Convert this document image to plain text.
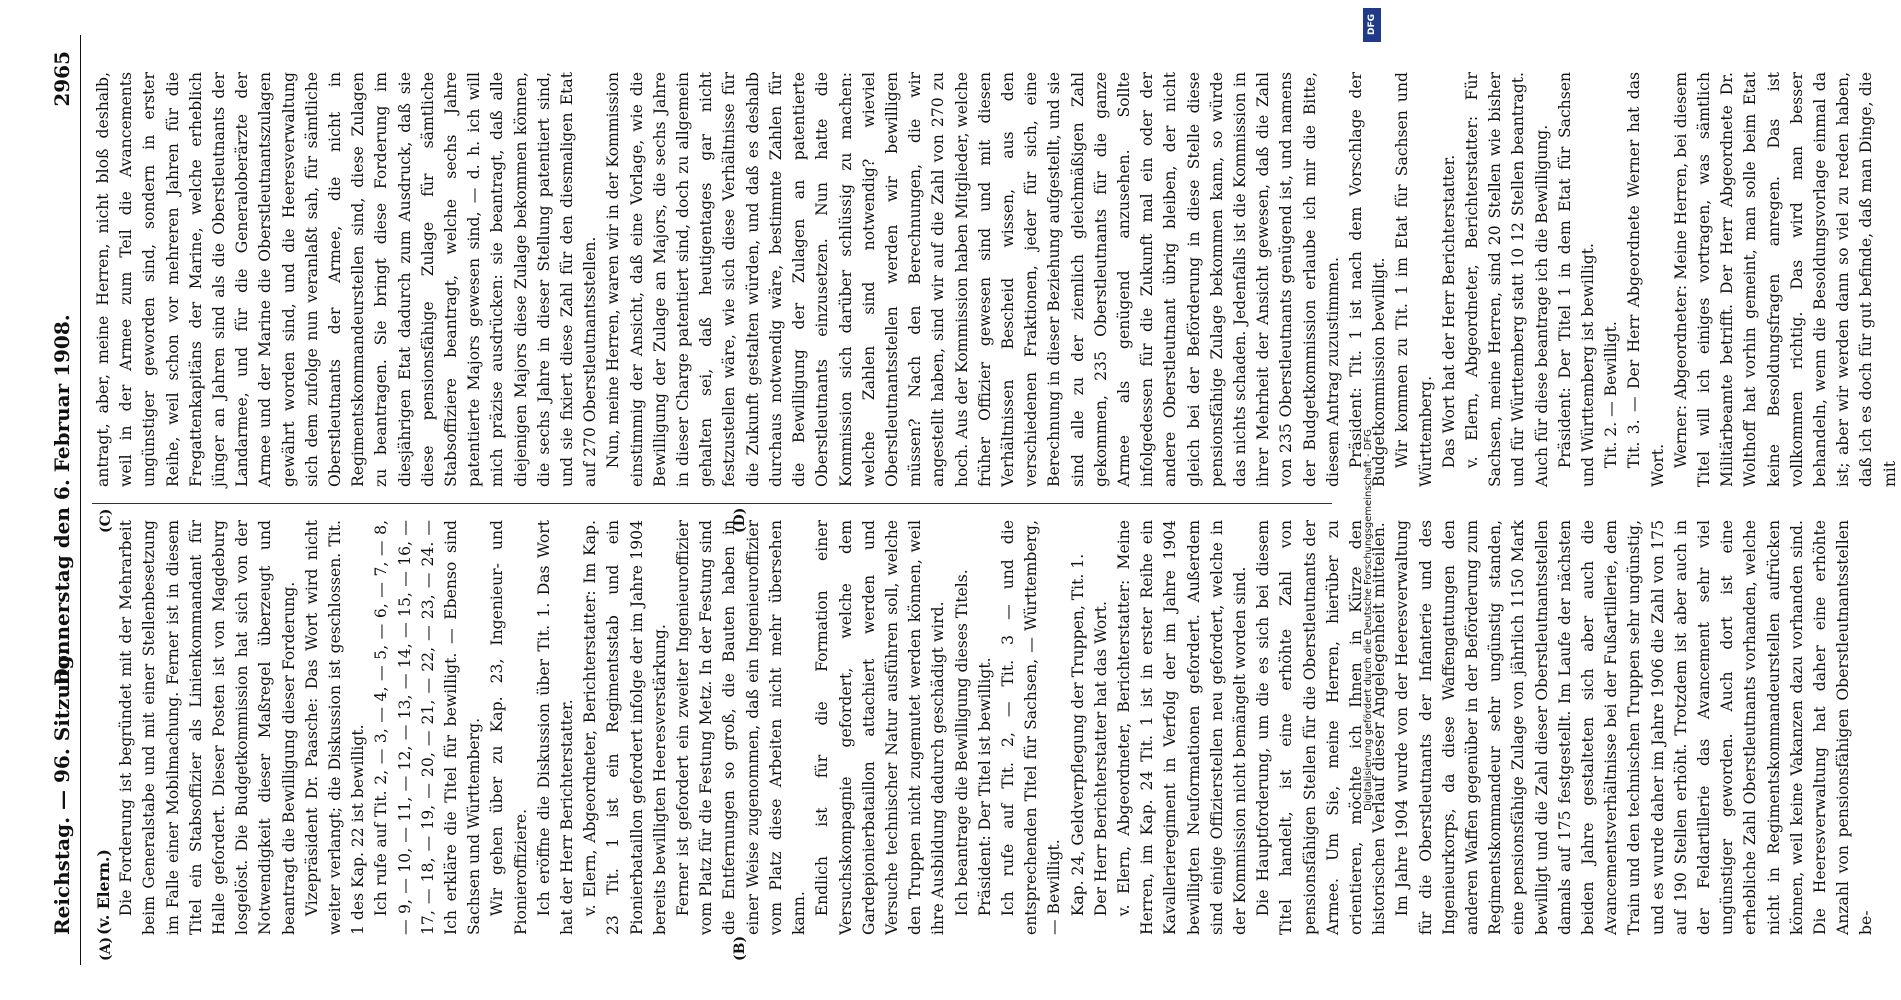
Reichstag. — 96. Sitzung.
Donnerstag den 6. Februar 1908.
2965
(A)	(B)
(C)	(D)

(v. Elern.) Die Forderung ist begründet mit der Mehrarbeit beim Generalstabe und mit einer Stellenbesetzung im Falle einer Mobilmachung. Ferner ist in diesem Titel ein Stabsoffizier als Linienkommandant für Halle gefordert. Dieser Posten ist von Magdeburg losgelöst. Die Budgetkommission hat sich von der Notwendigkeit dieser Maßregel überzeugt und beantragt die Bewilligung dieser Forderung. Vizepräsident Dr. Paasche: Das Wort wird nicht weiter verlangt; die Diskussion ist geschlossen. Tit. 1 des Kap. 22 ist bewilligt. Ich rufe auf Tit. 2, — 3, — 4, — 5, — 6, — 7, — 8, — 9, — 10, — 11, — 12, — 13, — 14, — 15, — 16, — 17, — 18, — 19, — 20, — 21, — 22, — 23, — 24. — Ich erkläre die Titel für bewilligt. — Ebenso sind Sachsen und Württemberg. Wir gehen über zu Kap. 23, Ingenieur- und Pionieroffiziere. Ich eröffne die Diskussion über Tit. 1. Das Wort hat der Herr Berichterstatter. v. Elern, Abgeordneter, Berichterstatter: Im Kap. 23 Tit. 1 ist ein Regimentsstab und ein Pionierbataillon gefordert infolge der im Jahre 1904 bereits bewilligten Heeresverstärkung. Ferner ist gefordert ein zweiter Ingenieuroffizier vom Platz für die Festung Metz. In der Festung sind die Entfernungen so groß, die Bauten haben in einer Weise zugenommen, daß ein Ingenieuroffizier vom Platz diese Arbeiten nicht mehr übersehen kann. Endlich ist für die Formation einer Versuchskompagnie gefordert, welche dem Gardepionierbataillon attachiert werden und Versuche technischer Natur ausführen soll, welche den Truppen nicht zugemutet werden können, weil ihre Ausbildung dadurch geschädigt wird. Ich beantrage die Bewilligung dieses Titels. Präsident: Der Titel ist bewilligt. Ich rufe auf Tit. 2, — Tit. 3 — und die entsprechenden Titel für Sachsen, — Württemberg, — Bewilligt. Kap. 24, Geldverpflegung der Truppen, Tit. 1. Der Herr Berichterstatter hat das Wort. v. Elern, Abgeordneter, Berichterstatter: Meine Herren, im Kap. 24 Tit. 1 ist in erster Reihe ein Kavallerieregiment in Verfolg der im Jahre 1904 bewilligten Neuformationen gefordert. Außerdem sind einige Offizierstellen neu gefordert, welche in der Kommission nicht bemängelt worden sind. Die Hauptforderung, um die es sich bei diesem Titel handelt, ist eine erhöhte Zahl von pensionsfähigen Stellen für die Oberstleutnants der Armee. Um Sie, meine Herren, hierüber zu orientieren, möchte ich Ihnen in Kürze den historischen Verlauf dieser Angelegenheit mitteilen. Im Jahre 1904 wurde von der Heeresverwaltung für die Oberstleutnants der Infanterie und des Ingenieurkorps, da diese Waffengattungen den anderen Waffen gegenüber in der Beförderung zum Regimentskommandeur sehr ungünstig standen, eine pensionsfähige Zulage von jährlich 1150 Mark bewilligt und die Zahl dieser Oberstleutnantsstellen damals auf 175 festgestellt. Im Laufe der nächsten beiden Jahre gestalteten sich aber auch die Avancementsverhältnisse bei der Fußartillerie, dem Train und den technischen Truppen sehr ungünstig, und es wurde daher im Jahre 1906 die Zahl von 175 auf 190 Stellen erhöht. Trotzdem ist aber auch in der Feldartillerie das Avancement sehr viel ungünstiger geworden. Auch dort ist eine erhebliche Zahl Oberstleutnants vorhanden, welche nicht in Regimentskommandeurstellen aufrücken können, weil keine Vakanzen dazu vorhanden sind. Die Heeresverwaltung hat daher eine erhöhte Anzahl von pensionsfähigen Oberstleutnantsstellen be-

antragt, aber, meine Herren, nicht bloß deshalb, weil in der Armee zum Teil die Avancements ungünstiger geworden sind, sondern in erster Reihe, weil schon vor mehreren Jahren für die Fregattenkapitäns der Marine, welche erheblich jünger an Jahren sind als die Oberstleutnants der Landarmee, und für die Generaloberärzte der Armee und der Marine die Oberstleutnantszulagen gewährt worden sind, und die Heeresverwaltung sich dem zufolge nun veranlaßt sah, für sämtliche Oberstleutnants der Armee, die nicht in Regimentskommandeurstellen sind, diese Zulagen zu beantragen. Sie bringt diese Forderung im diesjährigen Etat dadurch zum Ausdruck, daß sie diese pensionsfähige Zulage für sämtliche Stabsoffiziere beantragt, welche sechs Jahre patentierte Majors gewesen sind, — d. h. ich will mich präzise ausdrücken: sie beantragt, daß alle diejenigen Majors diese Zulage bekommen können, die sechs Jahre in dieser Stellung patentiert sind, und sie fixiert diese Zahl für den diesmaligen Etat auf 270 Oberstleutnantsstellen. Nun, meine Herren, waren wir in der Kommission einstimmig der Ansicht, daß eine Vorlage, wie die Bewilligung der Zulage an Majors, die sechs Jahre in dieser Charge patentiert sind, doch zu allgemein gehalten sei, daß heutigentages gar nicht festzustellen wäre, wie sich diese Verhältnisse für die Zukunft gestalten würden, und daß es deshalb durchaus notwendig wäre, bestimmte Zahlen für die Bewilligung der Zulagen an patentierte Oberstleutnants einzusetzen. Nun hatte die Kommission sich darüber schlüssig zu machen: welche Zahlen sind notwendig? wieviel Oberstleutnantsstellen werden wir bewilligen müssen? Nach den Berechnungen, die wir angestellt haben, sind wir auf die Zahl von 270 zu hoch. Aus der Kommission haben Mitglieder, welche früher Offizier gewesen sind und mit diesen Verhältnissen Bescheid wissen, aus den verschiedenen Fraktionen, jeder für sich, eine Berechnung in dieser Beziehung aufgestellt, und sie sind alle zu der ziemlich gleichmäßigen Zahl gekommen, 235 Oberstleutnants für die ganze Armee als genügend anzusehen. Sollte infolgedessen für die Zukunft mal ein oder der andere Oberstleutnant übrig bleiben, der nicht gleich bei der Beförderung in diese Stelle diese pensionsfähige Zulage bekommen kann, so würde das nichts schaden. Jedenfalls ist die Kommission in ihrer Mehrheit der Ansicht gewesen, daß die Zahl von 235 Oberstleutnants genügend ist, und namens der Budgetkommission erlaube ich mir die Bitte, diesem Antrag zuzustimmen. Präsident: Tit. 1 ist nach dem Vorschlage der Budgetkommission bewilligt. Wir kommen zu Tit. 1 im Etat für Sachsen und Württemberg. Das Wort hat der Herr Berichterstatter. v. Elern, Abgeordneter, Berichterstatter: Für Sachsen, meine Herren, sind 20 Stellen wie bisher und für Württemberg statt 10 12 Stellen beantragt. Auch für diese beantrage ich die Bewilligung. Präsident: Der Titel 1 in dem Etat für Sachsen und Württemberg ist bewilligt. Tit. 2. — Bewilligt. Tit. 3. — Der Herr Abgeordnete Werner hat das Wort. Werner: Abgeordneter: Meine Herren, bei diesem Titel will ich einiges vortragen, was sämtlich Militärbeamte betrifft. Der Herr Abgeordnete Dr. Wolthoff hat vorhin gemeint, man solle beim Etat keine Besoldungsfragen anregen. Das ist vollkommen richtig. Das wird man besser behandeln, wenn die Besoldungsvorlage einmal da ist; aber wir werden dann so viel zu reden haben, daß ich es doch für gut befinde, daß man Dinge, die mit

DFG
Digitalisierung gefördert durch die Deutsche Forschungsgemeinschaft - DFG
